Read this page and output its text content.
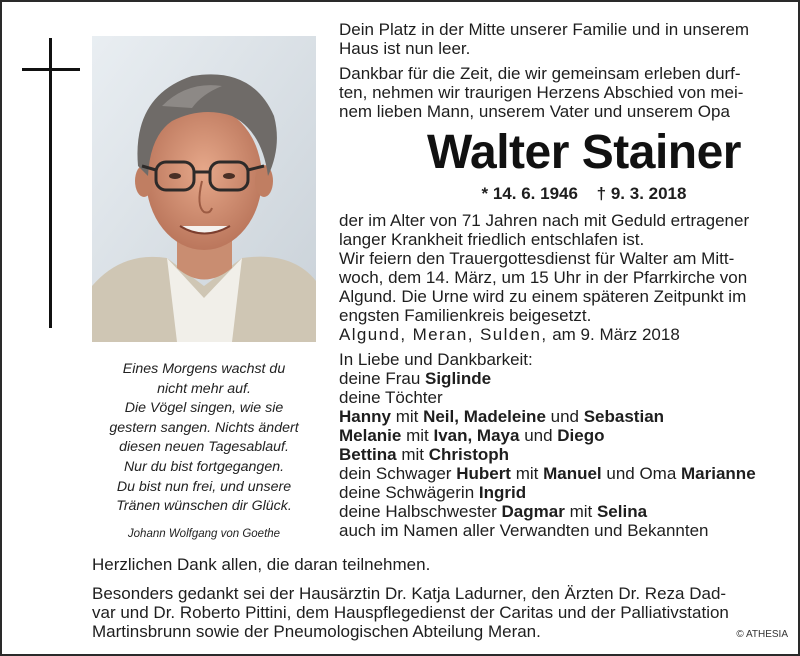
Eines Morgens wachst du
nicht mehr auf.
Die Vögel singen, wie sie
gestern sangen. Nichts ändert
diesen neuen Tagesablauf.
Nur du bist fortgegangen.
Du bist nun frei, und unsere
Tränen wünschen dir Glück.
Johann Wolfgang von Goethe

Dein Platz in der Mitte unserer Familie und in unserem
Haus ist nun leer.

Dankbar für die Zeit, die wir gemeinsam erleben durf-
ten, nehmen wir traurigen Herzens Abschied von mei-
nem lieben Mann, unserem Vater und unserem Opa

Walter Stainer
* 14. 6. 1946 † 9. 3. 2018

der im Alter von 71 Jahren nach mit Geduld ertragener
langer Krankheit friedlich entschlafen ist.
Wir feiern den Trauergottesdienst für Walter am Mitt-
woch, dem 14. März, um 15 Uhr in der Pfarrkirche von
Algund. Die Urne wird zu einem späteren Zeitpunkt im
engsten Familienkreis beigesetzt.
Algund, Meran, Sulden, am 9. März 2018

In Liebe und Dankbarkeit:
deine Frau Siglinde
deine Töchter
Hanny mit Neil, Madeleine und Sebastian
Melanie mit Ivan, Maya und Diego
Bettina mit Christoph
dein Schwager Hubert mit Manuel und Oma Marianne
deine Schwägerin Ingrid
deine Halbschwester Dagmar mit Selina
auch im Namen aller Verwandten und Bekannten

Herzlichen Dank allen, die daran teilnehmen.

Besonders gedankt sei der Hausärztin Dr. Katja Ladurner, den Ärzten Dr. Reza Dad-
var und Dr. Roberto Pittini, dem Hauspflegedienst der Caritas und der Palliativstation
Martinsbrunn sowie der Pneumologischen Abteilung Meran.	© ATHESIA
